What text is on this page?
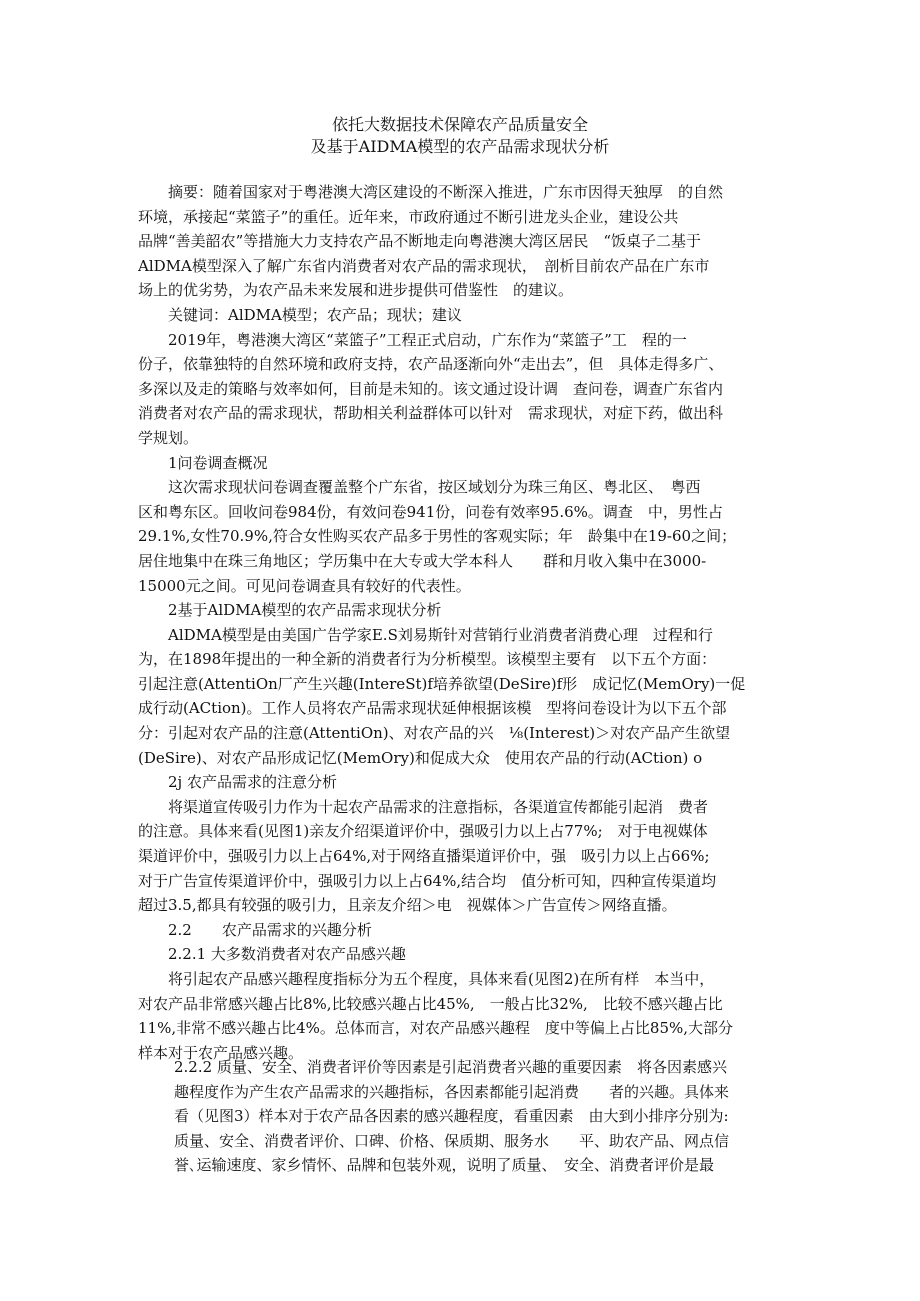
依托大数据技术保障农产品质量安全
及基于AIDMA模型的农产品需求现状分析
摘要：随着国家对于粤港澳大湾区建设的不断深入推进，广东市因得天独厚　的自然
环境，承接起“菜篮子”的重任。近年来，市政府通过不断引进龙头企业，建设公共
品牌“善美韶农”等措施大力支持农产品不断地走向粤港澳大湾区居民　“饭桌子二基于
AlDMA模型深入了解广东省内消费者对农产品的需求现状，　剖析目前农产品在广东市
场上的优劣势，为农产品未来发展和进步提供可借鉴性　的建议。
关键词：AlDMA模型；农产品；现状；建议
2019年，粤港澳大湾区“菜篮子”工程正式启动，广东作为“菜篮子”工　程的一
份子，依靠独特的自然环境和政府支持，农产品逐渐向外“走出去”，但　具体走得多广、
多深以及走的策略与效率如何，目前是未知的。该文通过设计调　查问卷，调查广东省内
消费者对农产品的需求现状，帮助相关利益群体可以针对　需求现状，对症下药，做出科
学规划。
1问卷调查概况
这次需求现状问卷调查覆盖整个广东省，按区域划分为珠三角区、粤北区、　粤西
区和粤东区。回收问卷984份，有效问卷941份，问卷有效率95.6%。调查　中，男性占
29.1%,女性70.9%,符合女性购买农产品多于男性的客观实际；年　龄集中在19-60之间；
居住地集中在珠三角地区；学历集中在大专或大学本科人　　群和月收入集中在3000-
15000元之间。可见问卷调查具有较好的代表性。
2基于AlDMA模型的农产品需求现状分析
AlDMA模型是由美国广告学家E.S刘易斯针对营销行业消费者消费心理　过程和行
为，在1898年提出的一种全新的消费者行为分析模型。该模型主要有　以下五个方面：
引起注意(AttentiOn厂产生兴趣(IntereSt)f培养欲望(DeSire)f形　成记忆(MemOry)一促
成行动(ACtion)。工作人员将农产品需求现状延伸根据该模　型将问卷设计为以下五个部
分：引起对农产品的注意(AttentiOn)、对农产品的兴　⅛(Interest)＞对农产品产生欲望
(DeSire)、对农产品形成记忆(MemOry)和促成大众　使用农产品的行动(ACtion) o
2j 农产品需求的注意分析
将渠道宣传吸引力作为十起农产品需求的注意指标，各渠道宣传都能引起消　费者
的注意。具体来看(见图1)亲友介绍渠道评价中，强吸引力以上占77%;　对于电视媒体
渠道评价中，强吸引力以上占64%,对于网络直播渠道评价中，强　吸引力以上占66%;
对于广告宣传渠道评价中，强吸引力以上占64%,结合均　值分析可知，四种宣传渠道均
超过3.5,都具有较强的吸引力，且亲友介绍＞电　视媒体＞广告宣传＞网络直播。
2.2　　农产品需求的兴趣分析
2.2.1 大多数消费者对农产品感兴趣
将引起农产品感兴趣程度指标分为五个程度，具体来看(见图2)在所有样　本当中，
对农产品非常感兴趣占比8%,比较感兴趣占比45%,　一般占比32%,　比较不感兴趣占比
11%,非常不感兴趣占比4%。总体而言，对农产品感兴趣程　度中等偏上占比85%,大部分
样本对于农产品感兴趣。
2.2.2 质量、安全、消费者评价等因素是引起消费者兴趣的重要因素　将各因素感兴
趣程度作为产生农产品需求的兴趣指标，各因素都能引起消费　　者的兴趣。具体来
看（见图3）样本对于农产品各因素的感兴趣程度，看重因素　由大到小排序分别为:
质量、安全、消费者评价、口碑、价格、保质期、服务水　　平、助农产品、网点信
誉､运输速度、家乡情怀、品牌和包装外观，说明了质量、　安全、消费者评价是最
